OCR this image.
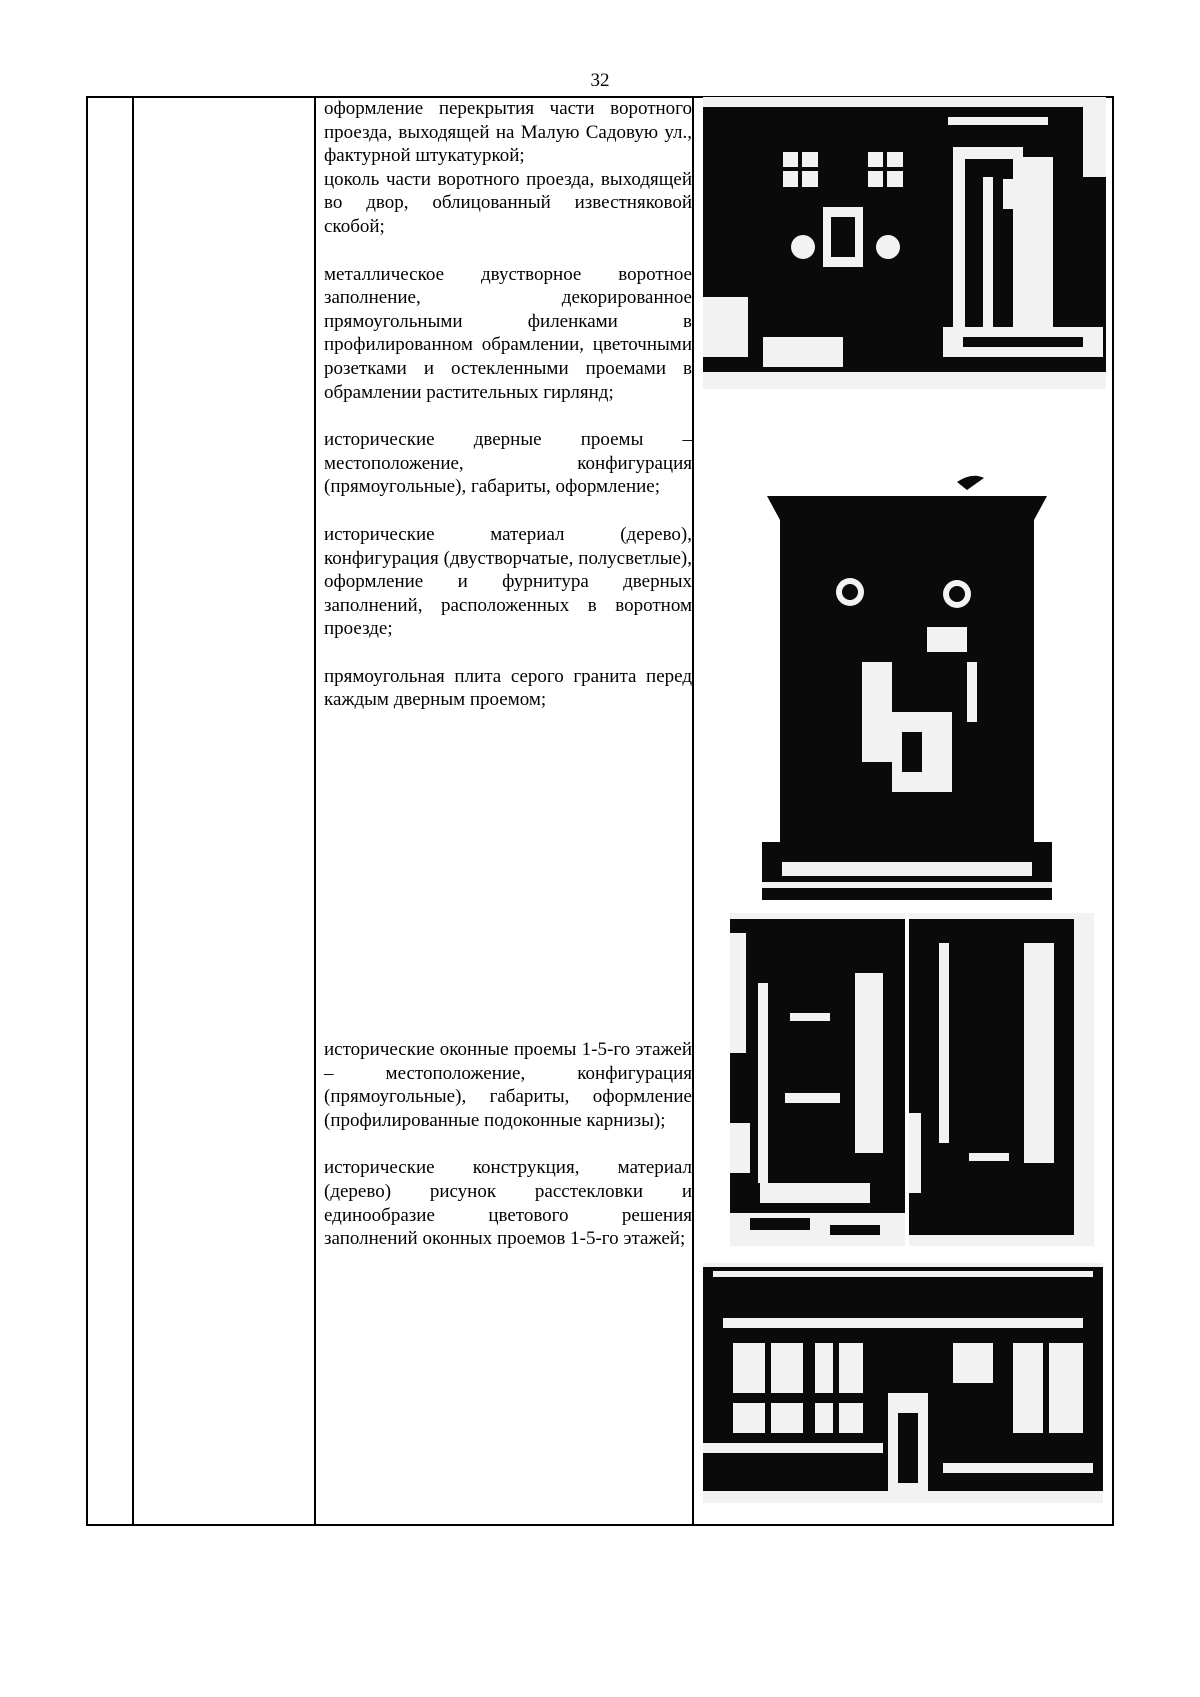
32

оформление перекрытия части воротного проезда, выходящей на Малую Садовую ул., фактурной штукатуркой;

цоколь части воротного проезда, выходящей во двор, облицованный известняковой скобой;

металлическое двустворное воротное заполнение, декорированное прямоугольными филенками в профилированном обрамлении, цветочными розетками и остекленными проемами в обрамлении растительных гирлянд;

исторические дверные проемы – местоположение, конфигурация (прямоугольные), габариты, оформление;

исторические материал (дерево), конфигурация (двустворчатые, полусветлые), оформление и фурнитура дверных заполнений, расположенных в воротном проезде;

прямоугольная плита серого гранита перед каждым дверным проемом;

исторические оконные проемы 1-5-го этажей – местоположение, конфигурация (прямоугольные), габариты, оформление (профилированные подоконные карнизы);

исторические конструкция, материал (дерево) рисунок расстекловки и единообразие цветового решения заполнений оконных проемов 1-5-го этажей;
